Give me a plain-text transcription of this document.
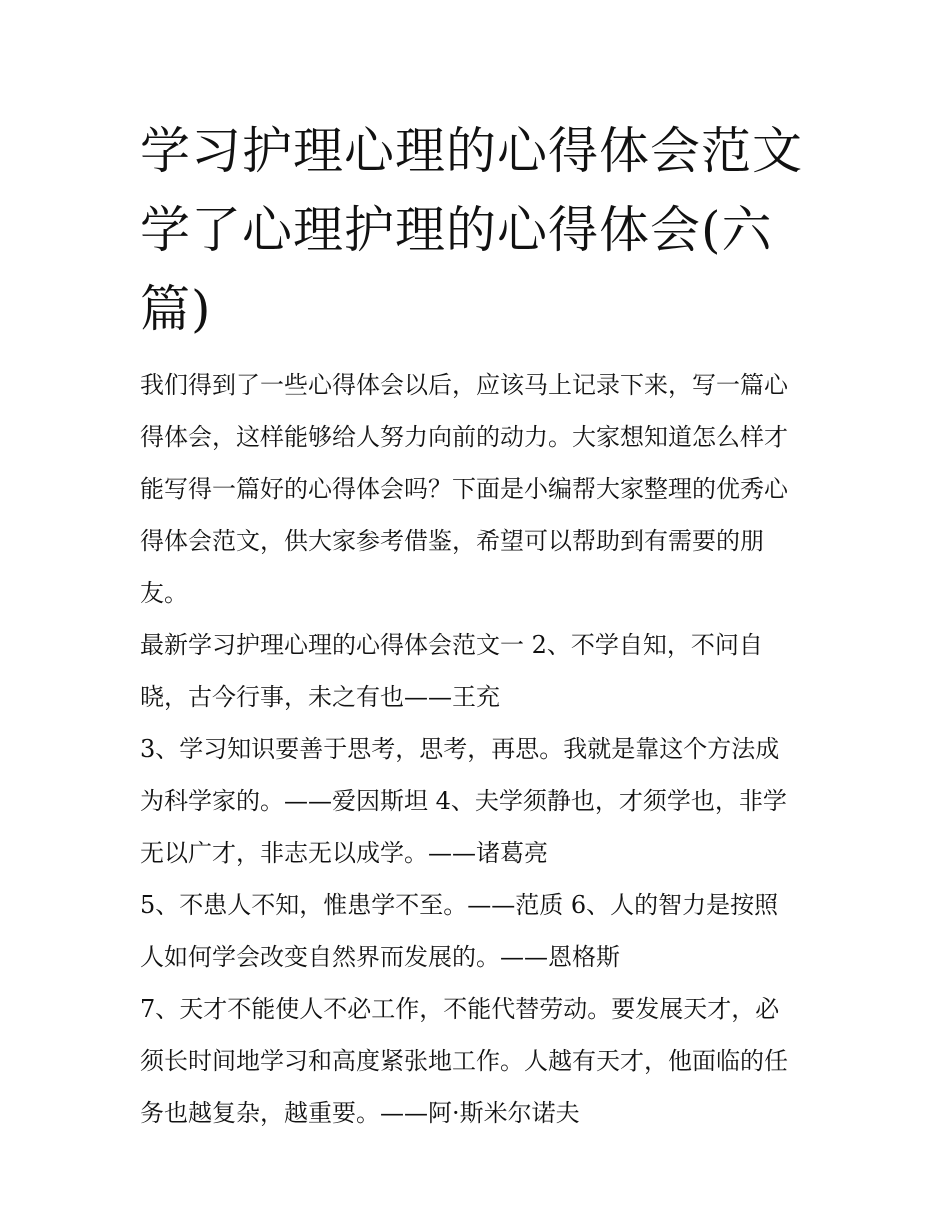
学习护理心理的心得体会范文
学了心理护理的心得体会(六
篇)

我们得到了一些心得体会以后，应该马上记录下来，写一篇心
得体会，这样能够给人努力向前的动力。大家想知道怎么样才
能写得一篇好的心得体会吗？下面是小编帮大家整理的优秀心
得体会范文，供大家参考借鉴，希望可以帮助到有需要的朋
友。

最新学习护理心理的心得体会范文一 2、不学自知，不问自
晓，古今行事，未之有也——王充

3、学习知识要善于思考，思考，再思。我就是靠这个方法成
为科学家的。——爱因斯坦 4、夫学须静也，才须学也，非学
无以广才，非志无以成学。——诸葛亮

5、不患人不知，惟患学不至。——范质 6、人的智力是按照
人如何学会改变自然界而发展的。——恩格斯

7、天才不能使人不必工作，不能代替劳动。要发展天才，必
须长时间地学习和高度紧张地工作。人越有天才，他面临的任
务也越复杂，越重要。——阿·斯米尔诺夫
